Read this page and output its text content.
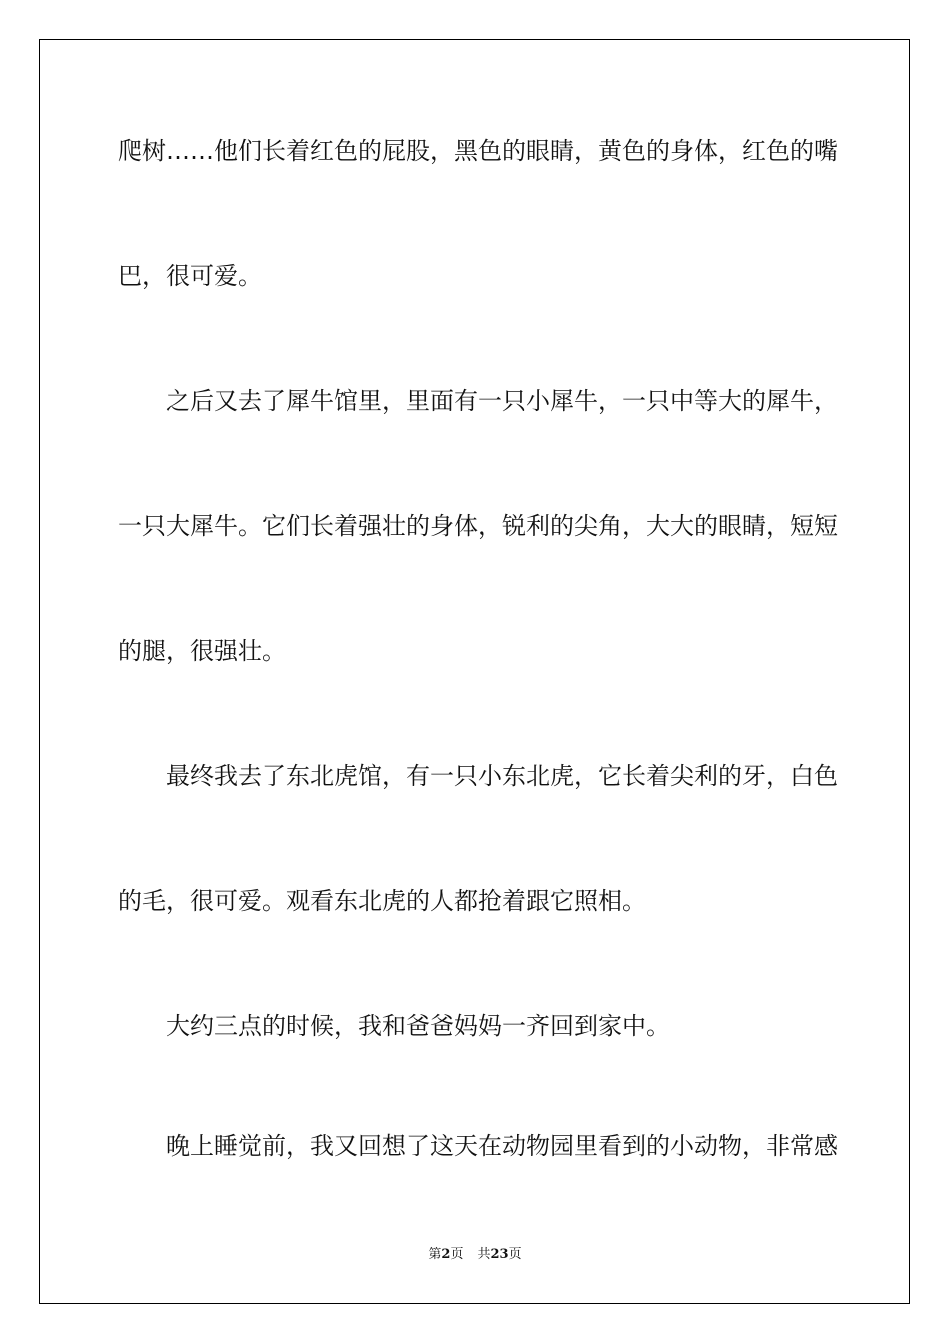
爬树……他们长着红色的屁股，黑色的眼睛，黄色的身体，红色的嘴
巴，很可爱。
之后又去了犀牛馆里，里面有一只小犀牛，一只中等大的犀牛，
一只大犀牛。它们长着强壮的身体，锐利的尖角，大大的眼睛，短短
的腿，很强壮。
最终我去了东北虎馆，有一只小东北虎，它长着尖利的牙，白色
的毛，很可爱。观看东北虎的人都抢着跟它照相。
大约三点的时候，我和爸爸妈妈一齐回到家中。
晚上睡觉前，我又回想了这天在动物园里看到的小动物，非常感
第2页 共23页
